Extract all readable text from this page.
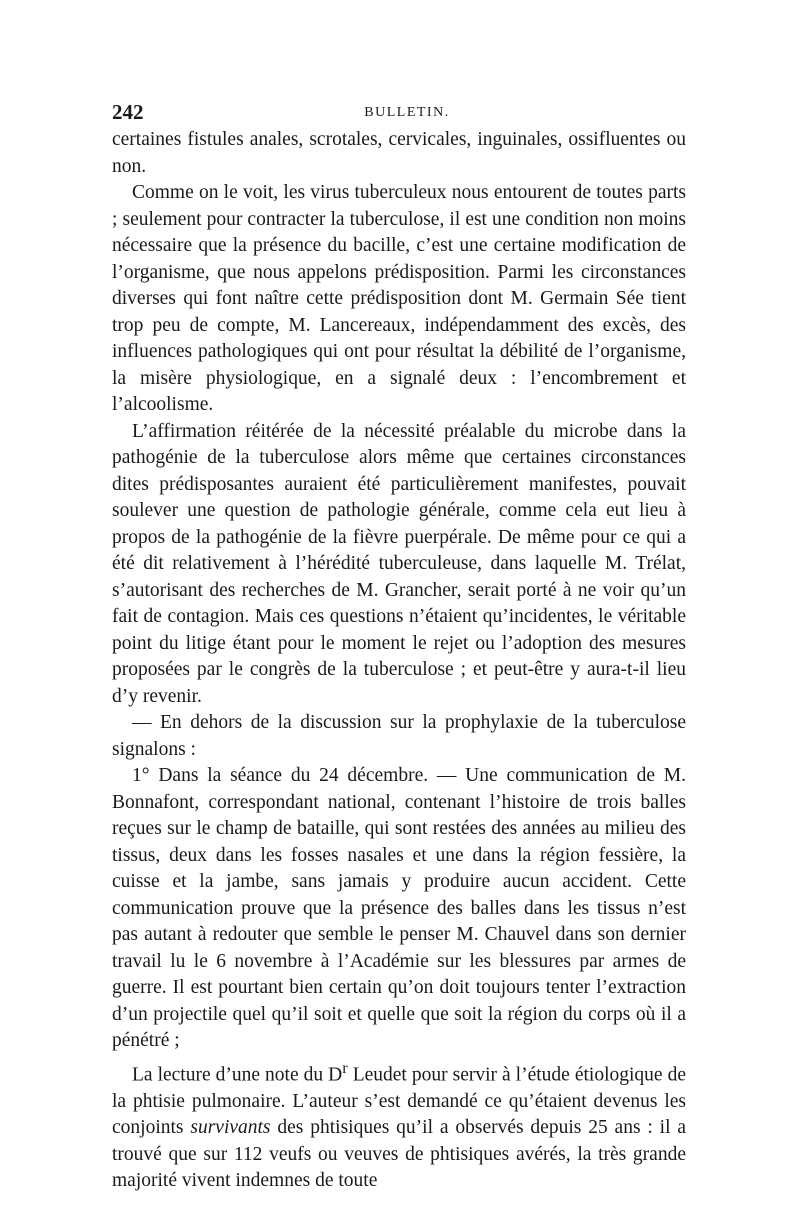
242	BULLETIN.

certaines fistules anales, scrotales, cervicales, inguinales, ossifluentes ou non.

Comme on le voit, les virus tuberculeux nous entourent de toutes parts ; seulement pour contracter la tuberculose, il est une condition non moins nécessaire que la présence du bacille, c’est une certaine modification de l’organisme, que nous appelons prédisposition. Parmi les circonstances diverses qui font naître cette prédisposition dont M. Germain Sée tient trop peu de compte, M. Lancereaux, indépendamment des excès, des influences pathologiques qui ont pour résultat la débilité de l’organisme, la misère physiologique, en a signalé deux : l’encombrement et l’alcoolisme.

L’affirmation réitérée de la nécessité préalable du microbe dans la pathogénie de la tuberculose alors même que certaines circonstances dites prédisposantes auraient été particulièrement manifestes, pouvait soulever une question de pathologie générale, comme cela eut lieu à propos de la pathogénie de la fièvre puerpérale. De même pour ce qui a été dit relativement à l’hérédité tuberculeuse, dans laquelle M. Trélat, s’autorisant des recherches de M. Grancher, serait porté à ne voir qu’un fait de contagion. Mais ces questions n’étaient qu’incidentes, le véritable point du litige étant pour le moment le rejet ou l’adoption des mesures proposées par le congrès de la tuberculose ; et peut-être y aura-t-il lieu d’y revenir.

— En dehors de la discussion sur la prophylaxie de la tuberculose signalons :

1° Dans la séance du 24 décembre. — Une communication de M. Bonnafont, correspondant national, contenant l’histoire de trois balles reçues sur le champ de bataille, qui sont restées des années au milieu des tissus, deux dans les fosses nasales et une dans la région fessière, la cuisse et la jambe, sans jamais y produire aucun accident. Cette communication prouve que la présence des balles dans les tissus n’est pas autant à redouter que semble le penser M. Chauvel dans son dernier travail lu le 6 novembre à l’Académie sur les blessures par armes de guerre. Il est pourtant bien certain qu’on doit toujours tenter l’extraction d’un projectile quel qu’il soit et quelle que soit la région du corps où il a pénétré ;

La lecture d’une note du $D^r$ Leudet pour servir à l’étude étiologique de la phtisie pulmonaire. L’auteur s’est demandé ce qu’étaient devenus les conjoints survivants des phtisiques qu’il a observés depuis 25 ans : il a trouvé que sur 112 veufs ou veuves de phtisiques avérés, la très grande majorité vivent indemnes de toute
